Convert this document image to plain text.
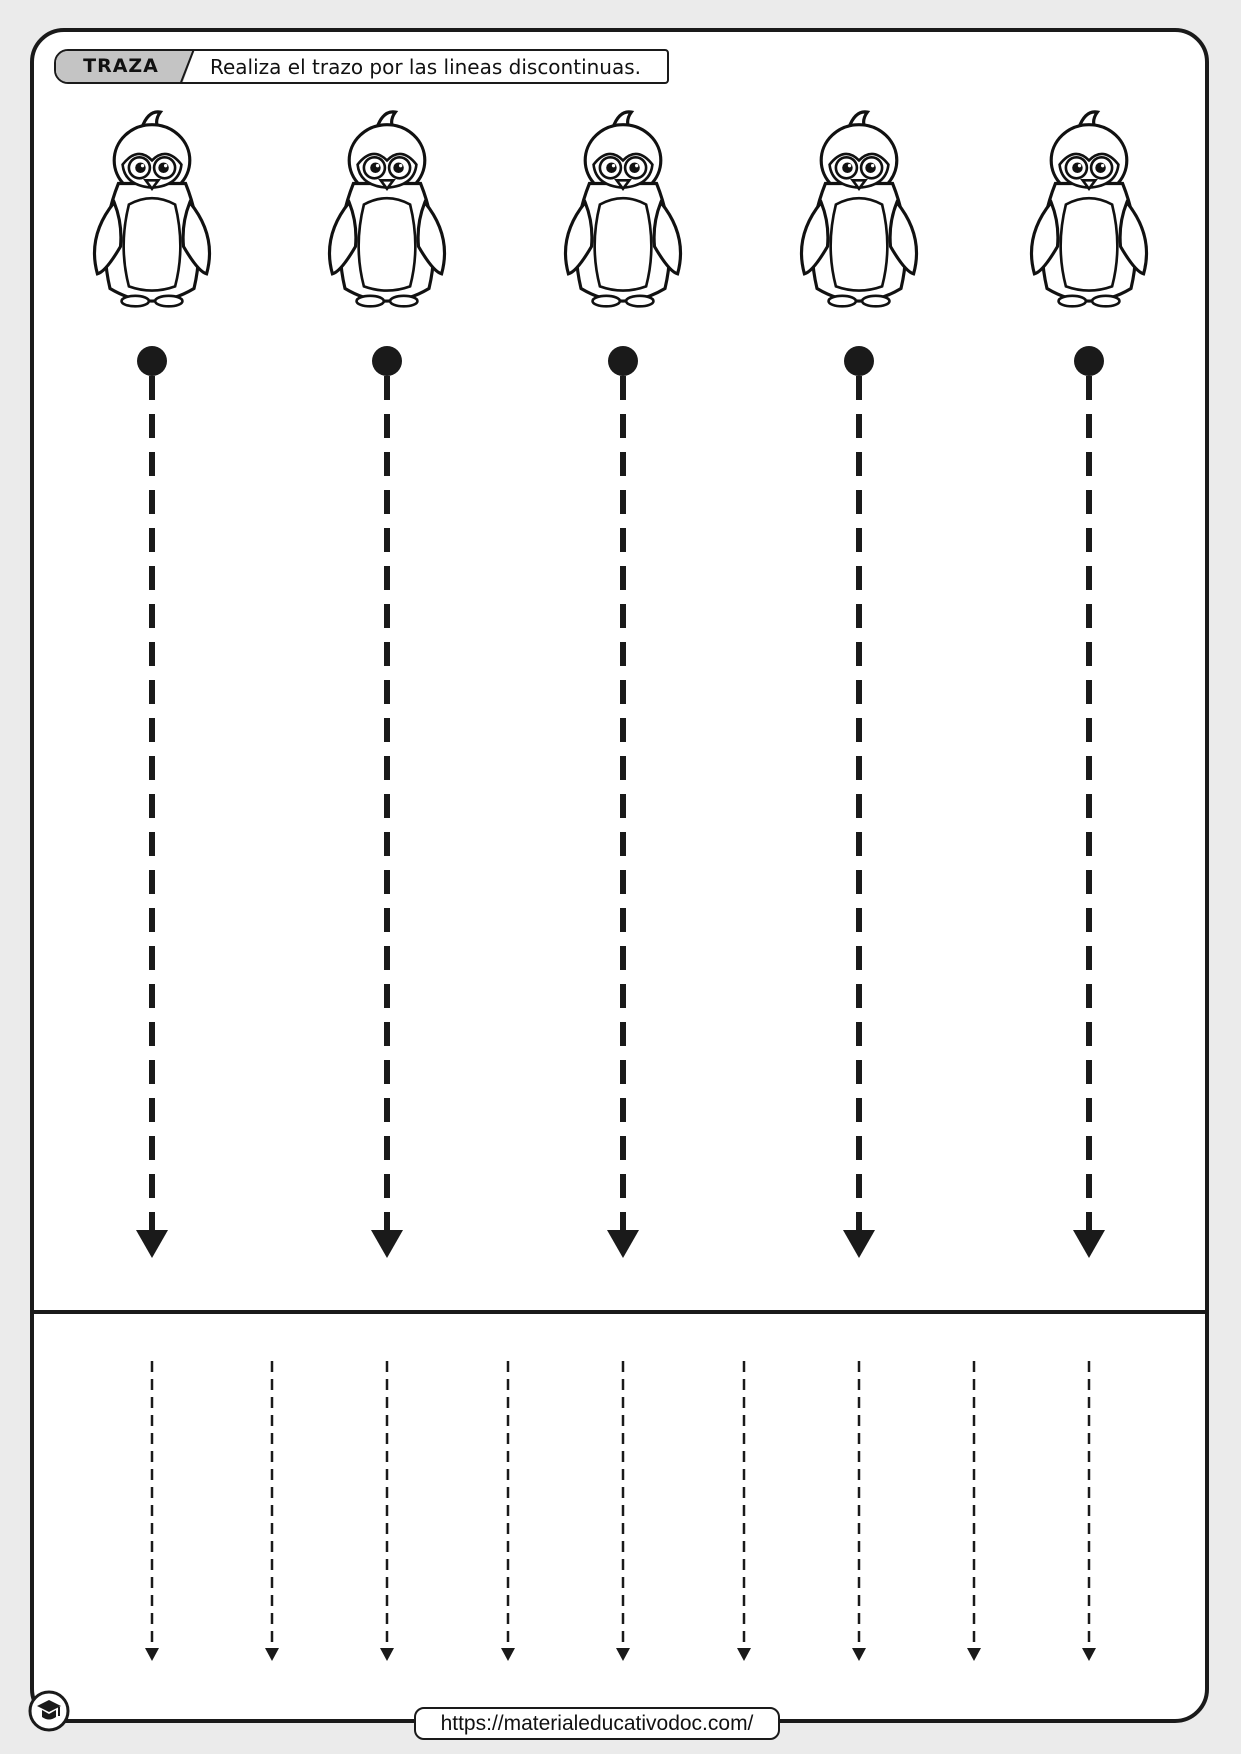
TRAZA	Realiza el trazo por las lineas discontinuas.
https://materialeducativodoc.com/
